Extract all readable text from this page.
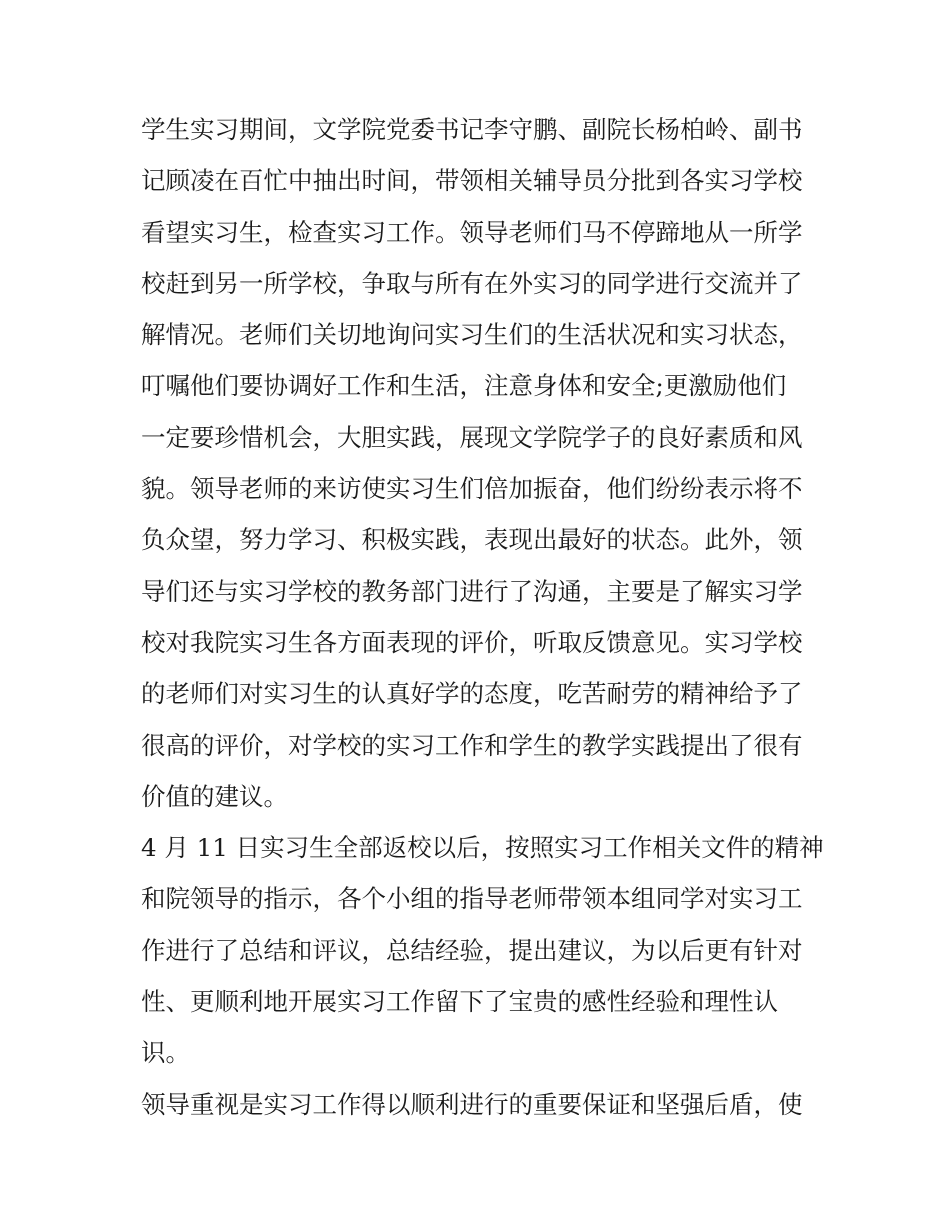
学生实习期间，文学院党委书记李守鹏、副院长杨柏岭、副书
记顾凌在百忙中抽出时间，带领相关辅导员分批到各实习学校
看望实习生，检查实习工作。领导老师们马不停蹄地从一所学
校赶到另一所学校，争取与所有在外实习的同学进行交流并了
解情况。老师们关切地询问实习生们的生活状况和实习状态，
叮嘱他们要协调好工作和生活，注意身体和安全;更激励他们
一定要珍惜机会，大胆实践，展现文学院学子的良好素质和风
貌。领导老师的来访使实习生们倍加振奋，他们纷纷表示将不
负众望，努力学习、积极实践，表现出最好的状态。此外，领
导们还与实习学校的教务部门进行了沟通，主要是了解实习学
校对我院实习生各方面表现的评价，听取反馈意见。实习学校
的老师们对实习生的认真好学的态度，吃苦耐劳的精神给予了
很高的评价，对学校的实习工作和学生的教学实践提出了很有
价值的建议。
4 月 11 日实习生全部返校以后，按照实习工作相关文件的精神
和院领导的指示，各个小组的指导老师带领本组同学对实习工
作进行了总结和评议，总结经验，提出建议，为以后更有针对
性、更顺利地开展实习工作留下了宝贵的感性经验和理性认
识。
领导重视是实习工作得以顺利进行的重要保证和坚强后盾，使
